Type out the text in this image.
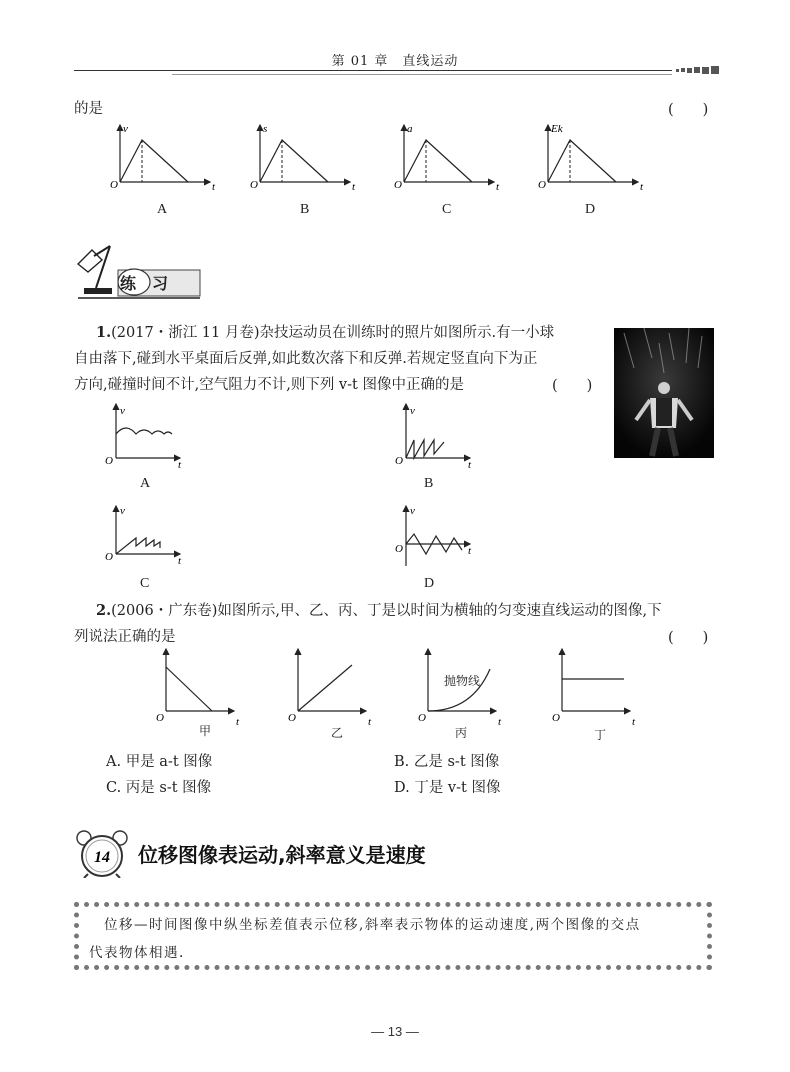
第 01 章　直线运动
的是	(　　)
O	t
v
O	t
s
O	t
a
O	t
Ek
A	B	C	D
练　习
1.(2017・浙江 11 月卷)杂技运动员在训练时的照片如图所示.有一小球
自由落下,碰到水平桌面后反弹,如此数次落下和反弹.若规定竖直向下为正
方向,碰撞时间不计,空气阻力不计,则下列 v-t 图像中正确的是	(　　)
O	t
v
O	t
v
O	t
v
O	t
v
A	B
C	D
2.(2006・广东卷)如图所示,甲、乙、丙、丁是以时间为横轴的匀变速直线运动的图像,下
列说法正确的是	(　　)
O	t	O	t	O	t	O	t
抛物线
甲	乙	丙	丁
A. 甲是 a-t 图像	B. 乙是 s-t 图像
C. 丙是 s-t 图像	D. 丁是 v-t 图像
14 位移图像表运动,斜率意义是速度
　位移—时间图像中纵坐标差值表示位移,斜率表示物体的运动速度,两个图像的交点
代表物体相遇.
— 13 —
